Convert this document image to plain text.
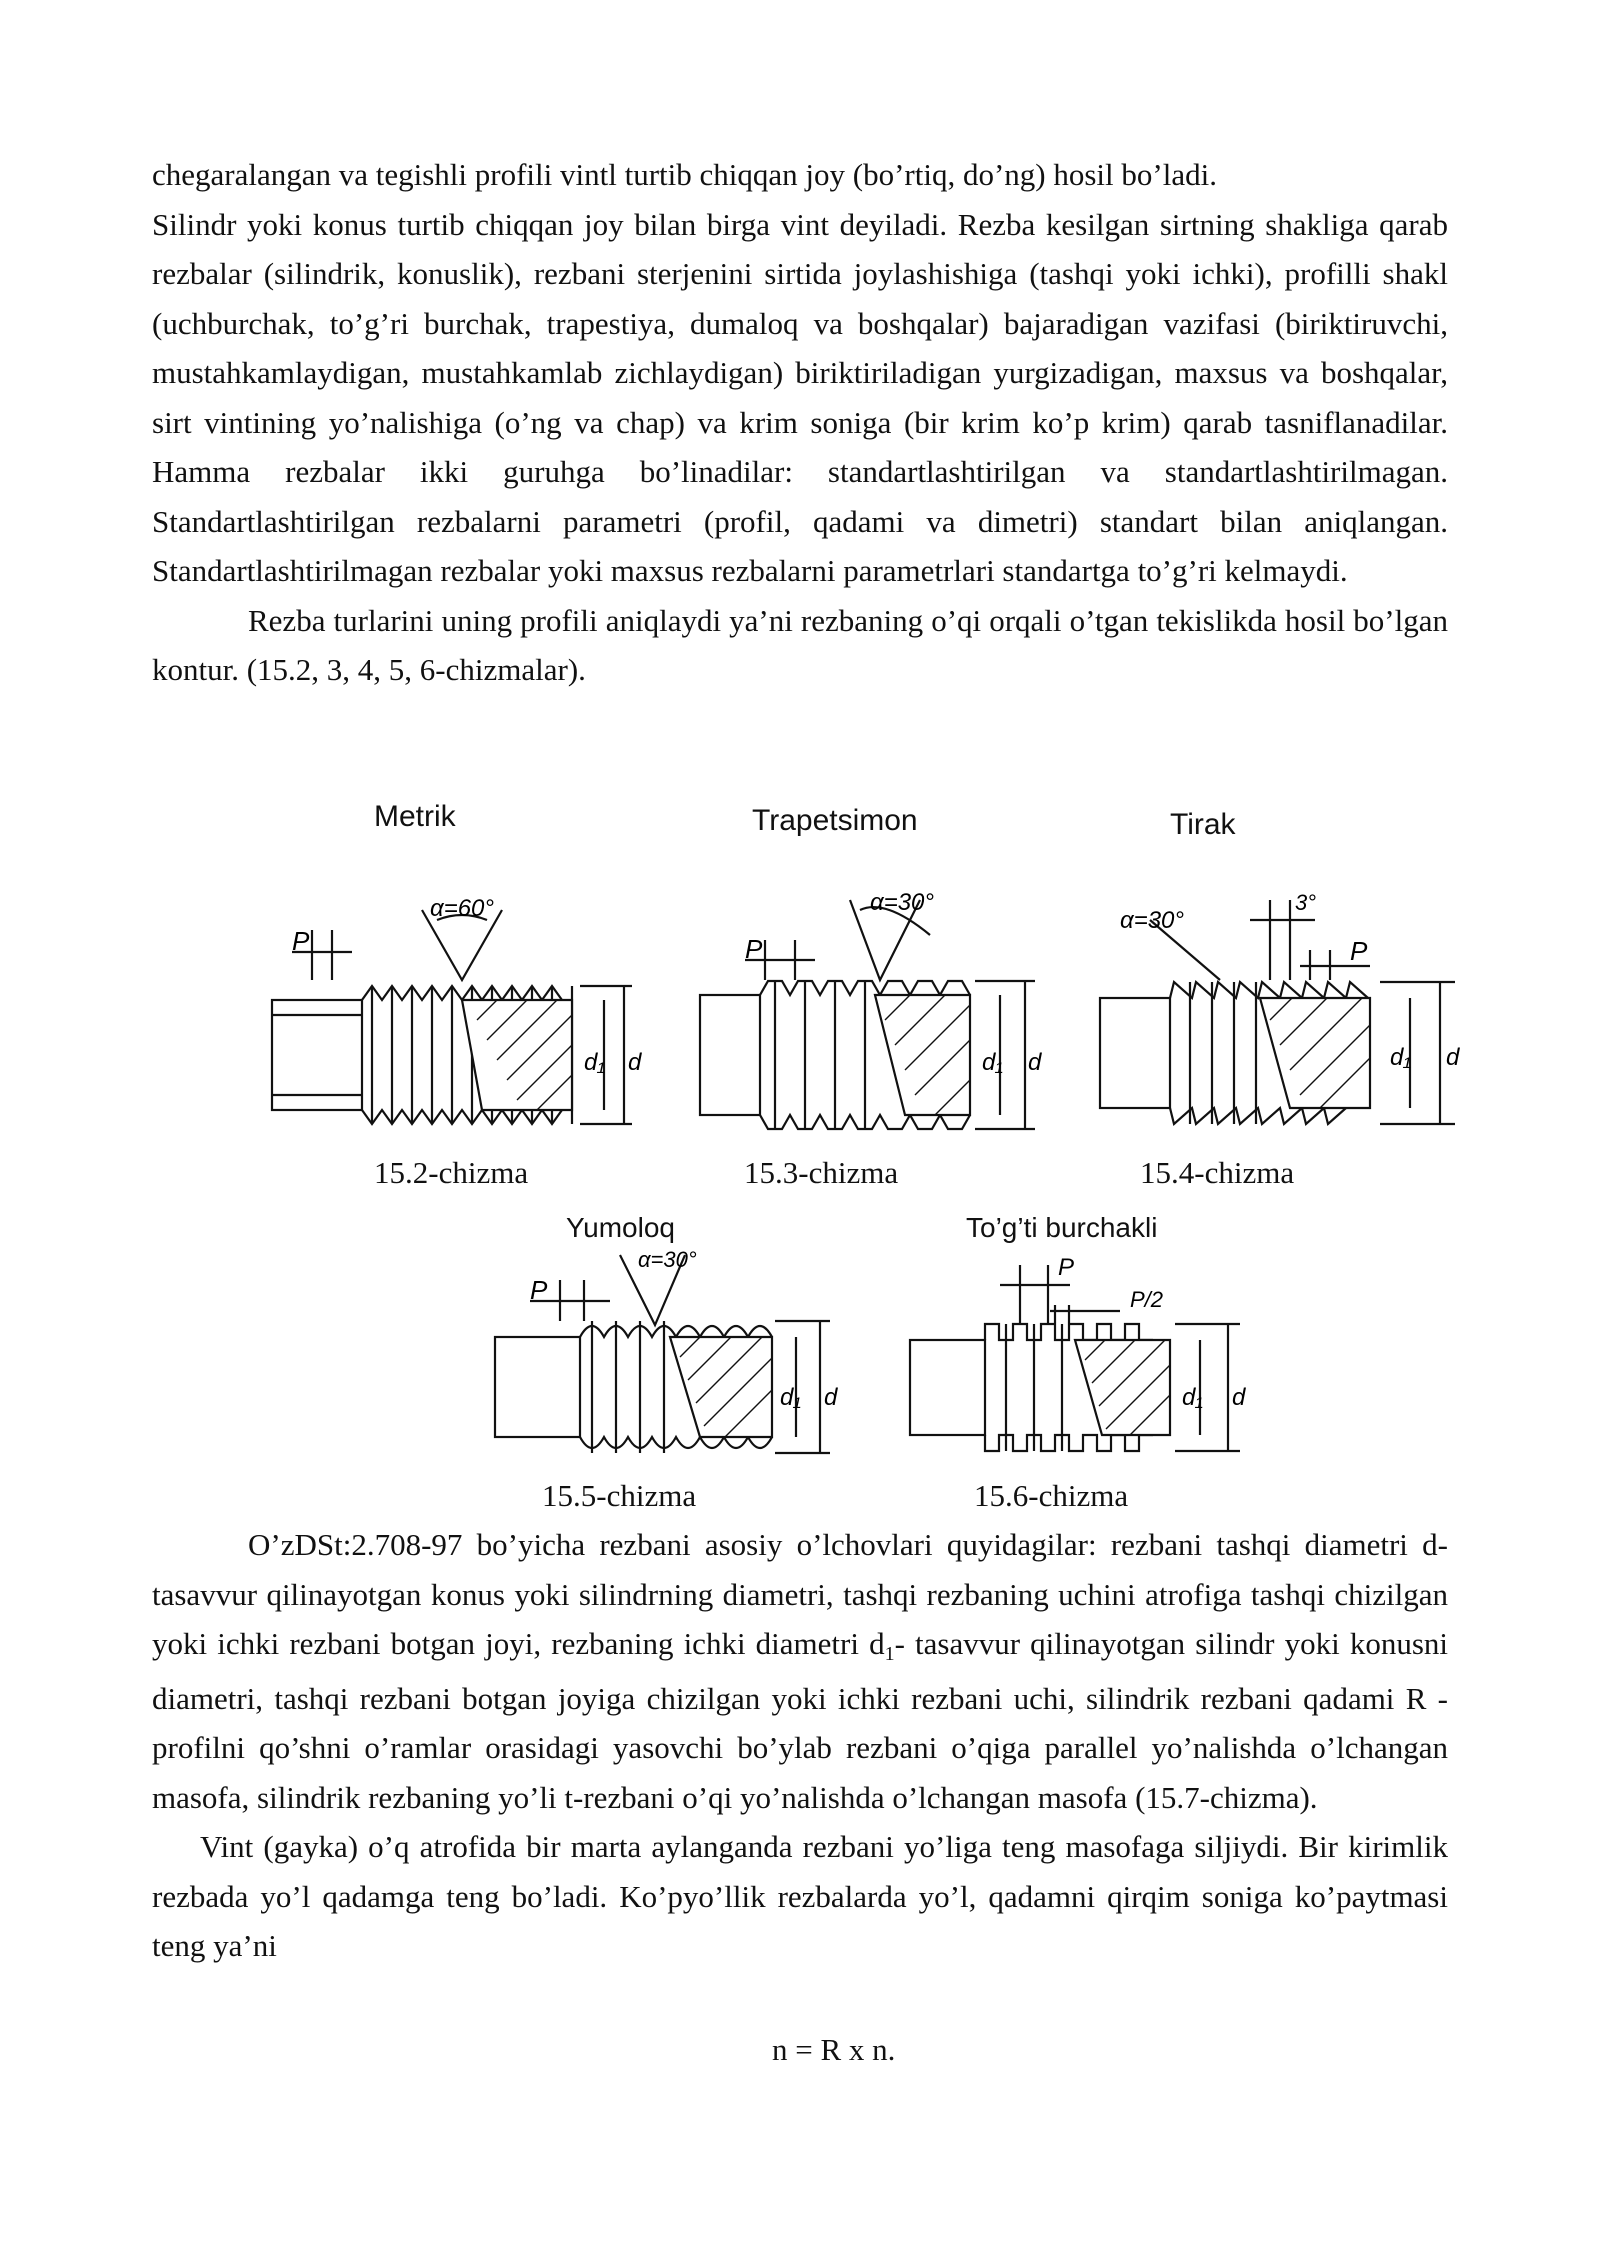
chegaralangan va tegishli profili vintl turtib chiqqan joy (bo’rtiq, do’ng) hosil bo’ladi.

Silindr yoki konus turtib chiqqan joy bilan birga vint deyiladi. Rezba kesilgan sirtning shakliga qarab rezbalar (silindrik, konuslik), rezbani sterjenini sirtida joylashishiga (tashqi yoki ichki), profilli shakl (uchburchak, to’g’ri burchak, trapestiya, dumaloq va boshqalar) bajaradigan vazifasi (biriktiruvchi, mustahkamlaydigan, mustahkamlab zichlaydigan) biriktiriladigan yurgizadigan, maxsus va boshqalar, sirt vintining yo’nalishiga (o’ng va chap) va krim soniga (bir krim ko’p krim) qarab tasniflanadilar. Hamma rezbalar ikki guruhga bo’linadilar: standartlashtirilgan va standartlashtirilmagan. Standartlashtirilgan rezbalarni parametri (profil, qadami va dimetri) standart bilan aniqlangan. Standartlashtirilmagan rezbalar yoki maxsus rezbalarni parametrlari standartga to’g’ri kelmaydi.

Rezba turlarini uning profili aniqlaydi ya’ni rezbaning o’qi orqali o’tgan tekislikda hosil bo’lgan kontur. (15.2, 3, 4, 5, 6-chizmalar).

Metrik	Trapetsimon	Tirak
P
α=60°
d₁ d
P
α=30°
d₁ d
α=30°
3°
P
d₁ d
15.2-chizma	15.3-chizma	15.4-chizma
Yumoloq	To’g’ti burchakli
P
α=30°
d₁ d
P
P/2
d₁ d
15.5-chizma	15.6-chizma

O’zDSt:2.708-97 bo’yicha rezbani asosiy o’lchovlari quyidagilar: rezbani tashqi diametri d-tasavvur qilinayotgan konus yoki silindrning diametri, tashqi rezbaning uchini atrofiga tashqi chizilgan yoki ichki rezbani botgan joyi, rezbaning ichki diametri $d_1-$ tasavvur qilinayotgan silindr yoki konusni diametri, tashqi rezbani botgan joyiga chizilgan yoki ichki rezbani uchi, silindrik rezbani qadami R -profilni qo’shni o’ramlar orasidagi yasovchi bo’ylab rezbani o’qiga parallel yo’nalishda o’lchangan masofa, silindrik rezbaning yo’li t-rezbani o’qi yo’nalishda o’lchangan masofa (15.7-chizma).

Vint (gayka) o’q atrofida bir marta aylanganda rezbani yo’liga teng masofaga siljiydi. Bir kirimlik rezbada yo’l qadamga teng bo’ladi. Ko’pyo’llik rezbalarda yo’l, qadamni qirqim soniga ko’paytmasi teng ya’ni

n = R x n.
